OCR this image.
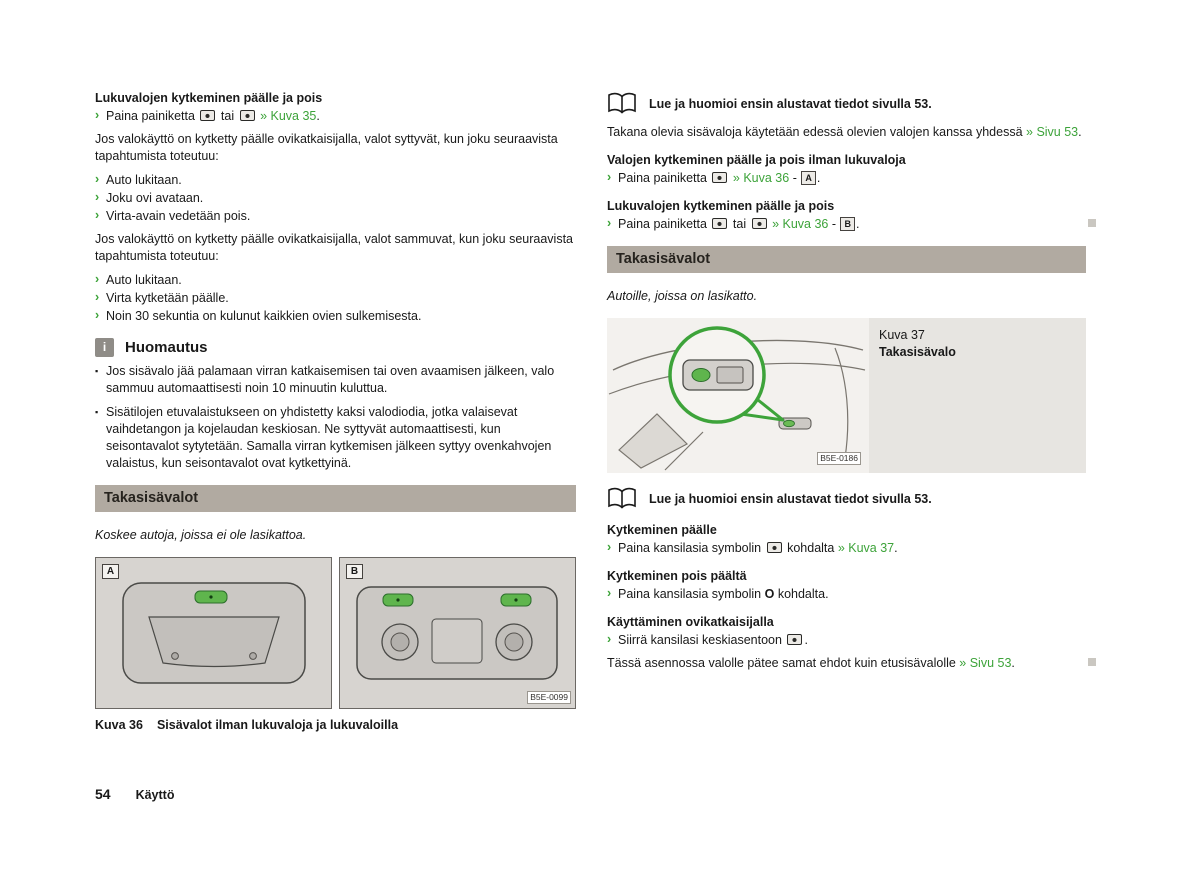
Lukuvalojen kytkeminen päälle ja pois
› Paina painiketta  tai  » Kuva 35.
Jos valokäyttö on kytketty päälle ovikatkaisijalla, valot syttyvät, kun joku seuraavista tapahtumista toteutuu:
› Auto lukitaan.
› Joku ovi avataan.
› Virta-avain vedetään pois.
Jos valokäyttö on kytketty päälle ovikatkaisijalla, valot sammuvat, kun joku seuraavista tapahtumista toteutuu:
› Auto lukitaan.
› Virta kytketään päälle.
› Noin 30 sekuntia on kulunut kaikkien ovien sulkemisesta.
i
Huomautus
▪ Jos sisävalo jää palamaan virran katkaisemisen tai oven avaamisen jälkeen, valo sammuu automaattisesti noin 10 minuutin kuluttua.
▪ Sisätilojen etuvalaistukseen on yhdistetty kaksi valodiodia, jotka valaisevat vaihdetangon ja kojelaudan keskiosan. Ne syttyvät automaattisesti, kun seisontavalot sytytetään. Samalla virran kytkemisen jälkeen syttyy ovenkahvojen valaistus, kun seisontavalot ovat kytkettyinä.
Takasisävalot
Koskee autoja, joissa ei ole lasikattoa.
A	B
B5E-0099
Kuva 36 Sisävalot ilman lukuvaloja ja lukuvaloilla
Lue ja huomioi ensin alustavat tiedot sivulla 53.
Takana olevia sisävaloja käytetään edessä olevien valojen kanssa yhdessä » Sivu 53.
Valojen kytkeminen päälle ja pois ilman lukuvaloja
› Paina painiketta  » Kuva 36 - A .
Lukuvalojen kytkeminen päälle ja pois
› Paina painiketta  tai  » Kuva 36 - B .
Takasisävalot
Autoille, joissa on lasikatto.
B5E-0186
Kuva 37
Takasisävalo
Lue ja huomioi ensin alustavat tiedot sivulla 53.
Kytkeminen päälle
› Paina kansilasia symbolin  kohdalta » Kuva 37.
Kytkeminen pois päältä
› Paina kansilasia symbolin O kohdalta.
Käyttäminen ovikatkaisijalla
› Siirrä kansilasi keskiasentoon .
Tässä asennossa valolle pätee samat ehdot kuin etusisävalolle » Sivu 53.
54 Käyttö
